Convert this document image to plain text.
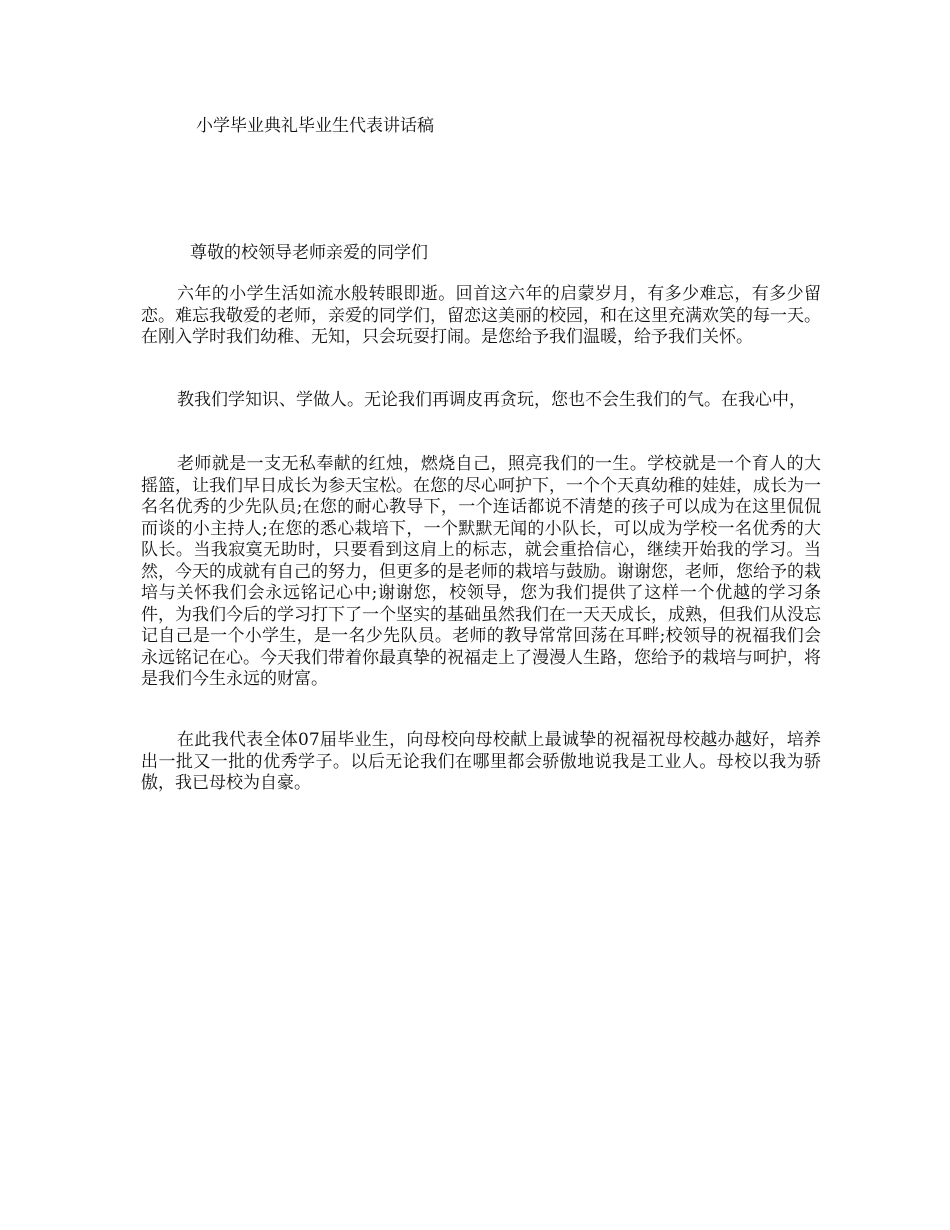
小学毕业典礼毕业生代表讲话稿

尊敬的校领导老师亲爱的同学们

六年的小学生活如流水般转眼即逝。回首这六年的启蒙岁月，有多少难忘，有多少留恋。难忘我敬爱的老师，亲爱的同学们，留恋这美丽的校园，和在这里充满欢笑的每一天。在刚入学时我们幼稚、无知，只会玩耍打闹。是您给予我们温暖，给予我们关怀。

教我们学知识、学做人。无论我们再调皮再贪玩，您也不会生我们的气。在我心中，

老师就是一支无私奉献的红烛，燃烧自己，照亮我们的一生。学校就是一个育人的大摇篮，让我们早日成长为参天宝松。在您的尽心呵护下，一个个天真幼稚的娃娃，成长为一名名优秀的少先队员;在您的耐心教导下，一个连话都说不清楚的孩子可以成为在这里侃侃而谈的小主持人;在您的悉心栽培下，一个默默无闻的小队长，可以成为学校一名优秀的大队长。当我寂寞无助时，只要看到这肩上的标志，就会重拾信心，继续开始我的学习。当然，今天的成就有自己的努力，但更多的是老师的栽培与鼓励。谢谢您，老师，您给予的栽培与关怀我们会永远铭记心中;谢谢您，校领导，您为我们提供了这样一个优越的学习条件，为我们今后的学习打下了一个坚实的基础虽然我们在一天天成长，成熟，但我们从没忘记自己是一个小学生，是一名少先队员。老师的教导常常回荡在耳畔;校领导的祝福我们会永远铭记在心。今天我们带着你最真挚的祝福走上了漫漫人生路，您给予的栽培与呵护，将是我们今生永远的财富。

在此我代表全体07届毕业生，向母校向母校献上最诚挚的祝福祝母校越办越好，培养出一批又一批的优秀学子。以后无论我们在哪里都会骄傲地说我是工业人。母校以我为骄傲，我已母校为自豪。
